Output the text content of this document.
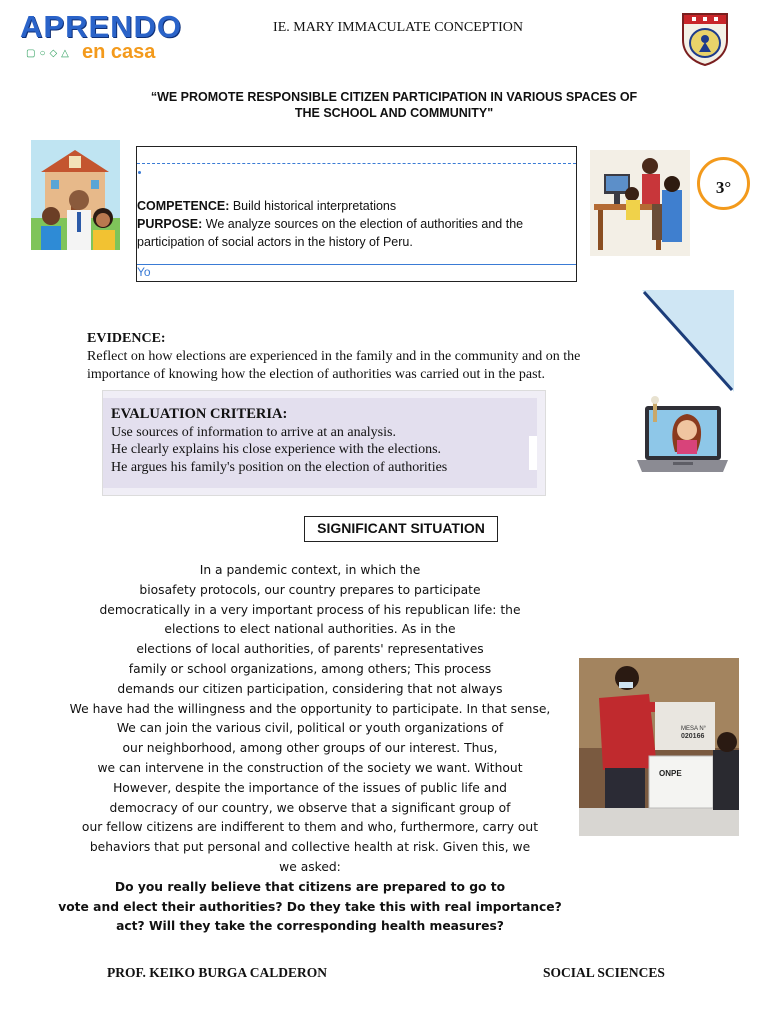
APRENDO
▢○◇△ en casa
IE. MARY IMMACULATE CONCEPTION
“WE PROMOTE RESPONSIBLE CITIZEN PARTICIPATION IN VARIOUS SPACES OF
THE SCHOOL AND COMMUNITY"
COMPETENCE: Build historical interpretations
PURPOSE: We analyze sources on the election of authorities and the participation of social actors in the history of Peru.
Yo
3°
EVIDENCE:
Reflect on how elections are experienced in the family and in the community and on the importance of knowing how the election of authorities was carried out in the past.
EVALUATION CRITERIA:
Use sources of information to arrive at an analysis.
He clearly explains his close experience with the elections.
He argues his family's position on the election of authorities
SIGNIFICANT SITUATION
In a pandemic context, in which the
biosafety protocols, our country prepares to participate
democratically in a very important process of his republican life: the
elections to elect national authorities. As in the
elections of local authorities, of parents' representatives
family or school organizations, among others; This process
demands our citizen participation, considering that not always
We have had the willingness and the opportunity to participate. In that sense,
We can join the various civil, political or youth organizations of
our neighborhood, among other groups of our interest. Thus,
we can intervene in the construction of the society we want. Without
However, despite the importance of the issues of public life and
democracy of our country, we observe that a significant group of
our fellow citizens are indifferent to them and who, furthermore, carry out
behaviors that put personal and collective health at risk. Given this, we
we asked:
Do you really believe that citizens are prepared to go to
vote and elect their authorities? Do they take this with real importance?
act? Will they take the corresponding health measures?
MESA N°
020166
ONPE
PROF. KEIKO BURGA CALDERON	SOCIAL SCIENCES
